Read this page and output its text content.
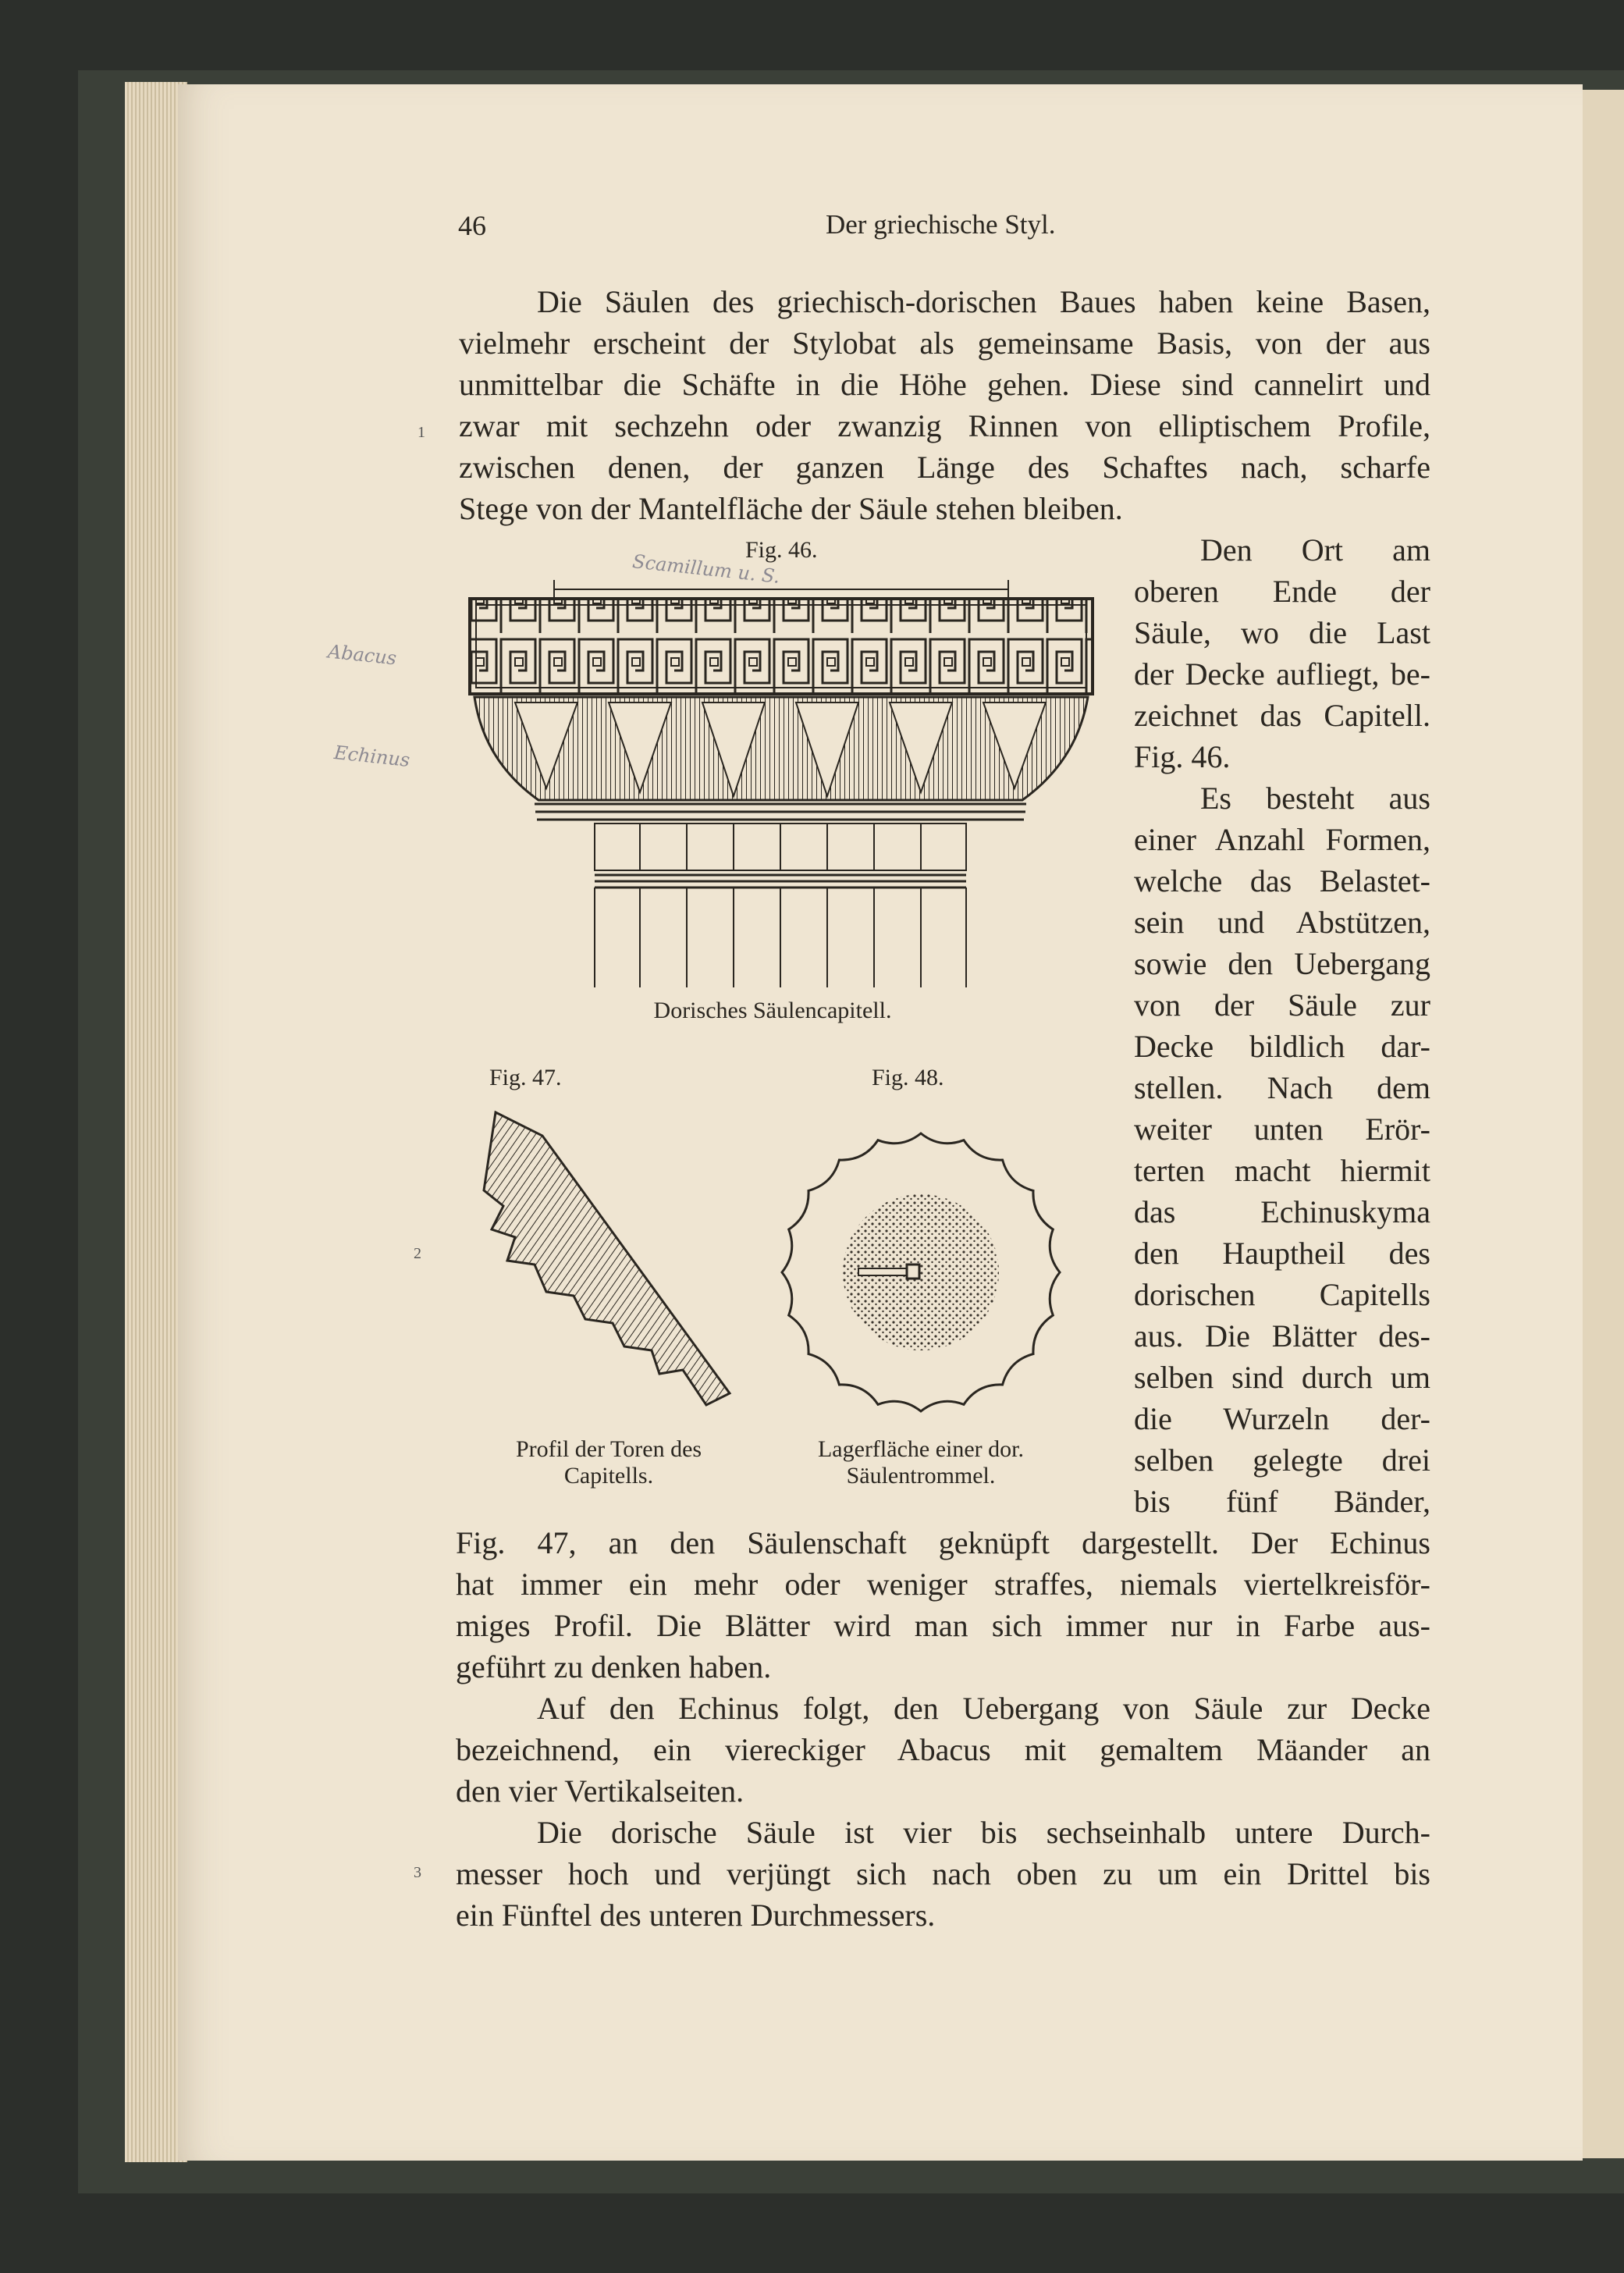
46	Der griechische Styl.
Die Säulen des griechisch-dorischen Baues haben keine Basen,
vielmehr erscheint der Stylobat als gemeinsame Basis, von der aus
unmittelbar die Schäfte in die Höhe gehen. Diese sind cannelirt und
zwar mit sechzehn oder zwanzig Rinnen von elliptischem Profile,
zwischen denen, der ganzen Länge des Schaftes nach, scharfe
Stege von der Mantelfläche der Säule stehen bleiben.
Den Ort am
oberen Ende der
Säule, wo die Last
der Decke aufliegt, be-
zeichnet das Capitell.
Fig. 46.
Es besteht aus
einer Anzahl Formen,
welche das Belastet-
sein und Abstützen,
sowie den Uebergang
von der Säule zur
Decke bildlich dar-
stellen. Nach dem
weiter unten Erör-
terten macht hiermit
das Echinuskyma
den Hauptheil des
dorischen Capitells
aus. Die Blätter des-
selben sind durch um
die Wurzeln der-
selben gelegte drei
bis fünf Bänder,
Fig. 47, an den Säulenschaft geknüpft dargestellt. Der Echinus
hat immer ein mehr oder weniger straffes, niemals viertelkreisför-
miges Profil. Die Blätter wird man sich immer nur in Farbe aus-
geführt zu denken haben.
Auf den Echinus folgt, den Uebergang von Säule zur Decke
bezeichnend, ein viereckiger Abacus mit gemaltem Mäander an
den vier Vertikalseiten.
Die dorische Säule ist vier bis sechseinhalb untere Durch-
messer hoch und verjüngt sich nach oben zu um ein Drittel bis
ein Fünftel des unteren Durchmessers.
Fig. 46.
Dorisches Säulencapitell.
Fig. 47.	Fig. 48.
Profil der Toren des
Capitells.
Lagerfläche einer dor.
Säulentrommel.
Scamillum u. S.
Abacus
Echinus
1
2
3
